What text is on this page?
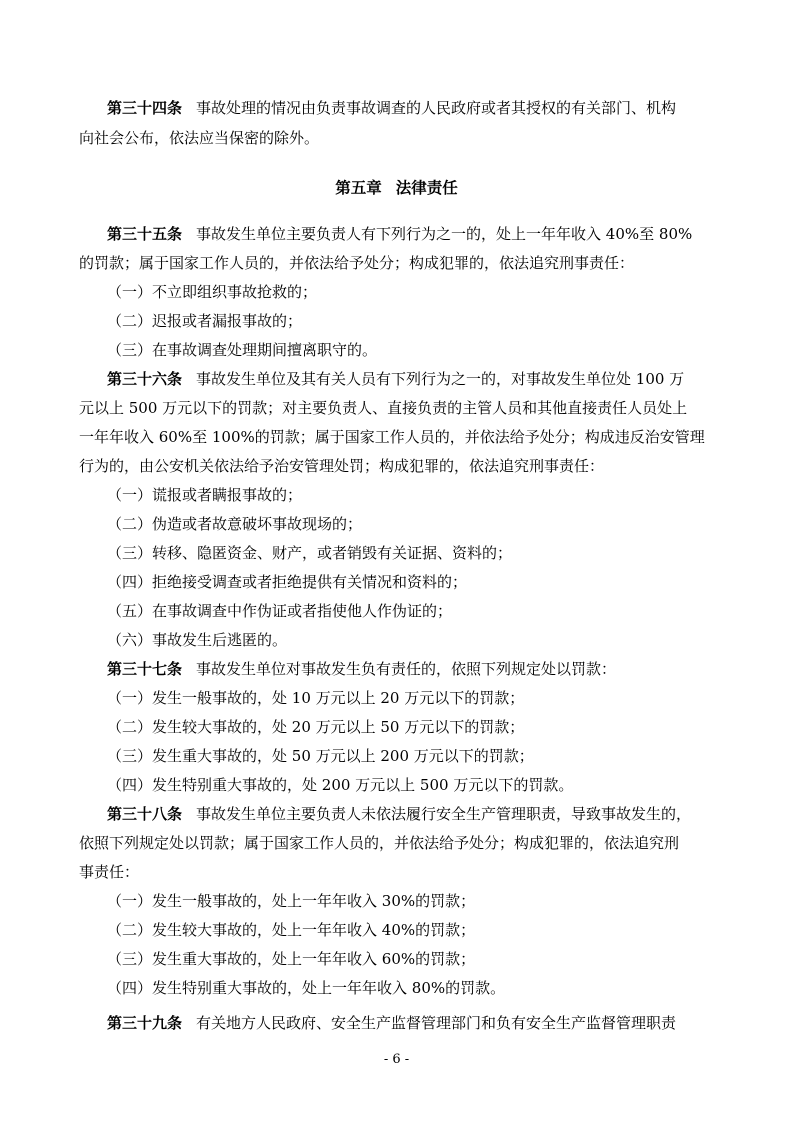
第三十四条 事故处理的情况由负责事故调查的人民政府或者其授权的有关部门、机构
向社会公布，依法应当保密的除外。
第五章 法律责任
第三十五条 事故发生单位主要负责人有下列行为之一的，处上一年年收入 40%至 80%
的罚款；属于国家工作人员的，并依法给予处分；构成犯罪的，依法追究刑事责任：
（一）不立即组织事故抢救的；
（二）迟报或者漏报事故的；
（三）在事故调查处理期间擅离职守的。
第三十六条 事故发生单位及其有关人员有下列行为之一的，对事故发生单位处 100 万
元以上 500 万元以下的罚款；对主要负责人、直接负责的主管人员和其他直接责任人员处上
一年年收入 60%至 100%的罚款；属于国家工作人员的，并依法给予处分；构成违反治安管理
行为的，由公安机关依法给予治安管理处罚；构成犯罪的，依法追究刑事责任：
（一）谎报或者瞒报事故的；
（二）伪造或者故意破坏事故现场的；
（三）转移、隐匿资金、财产，或者销毁有关证据、资料的；
（四）拒绝接受调查或者拒绝提供有关情况和资料的；
（五）在事故调查中作伪证或者指使他人作伪证的；
（六）事故发生后逃匿的。
第三十七条 事故发生单位对事故发生负有责任的，依照下列规定处以罚款：
（一）发生一般事故的，处 10 万元以上 20 万元以下的罚款；
（二）发生较大事故的，处 20 万元以上 50 万元以下的罚款；
（三）发生重大事故的，处 50 万元以上 200 万元以下的罚款；
（四）发生特别重大事故的，处 200 万元以上 500 万元以下的罚款。
第三十八条 事故发生单位主要负责人未依法履行安全生产管理职责，导致事故发生的，
依照下列规定处以罚款；属于国家工作人员的，并依法给予处分；构成犯罪的，依法追究刑
事责任：
（一）发生一般事故的，处上一年年收入 30%的罚款；
（二）发生较大事故的，处上一年年收入 40%的罚款；
（三）发生重大事故的，处上一年年收入 60%的罚款；
（四）发生特别重大事故的，处上一年年收入 80%的罚款。
第三十九条 有关地方人民政府、安全生产监督管理部门和负有安全生产监督管理职责
- 6 -
